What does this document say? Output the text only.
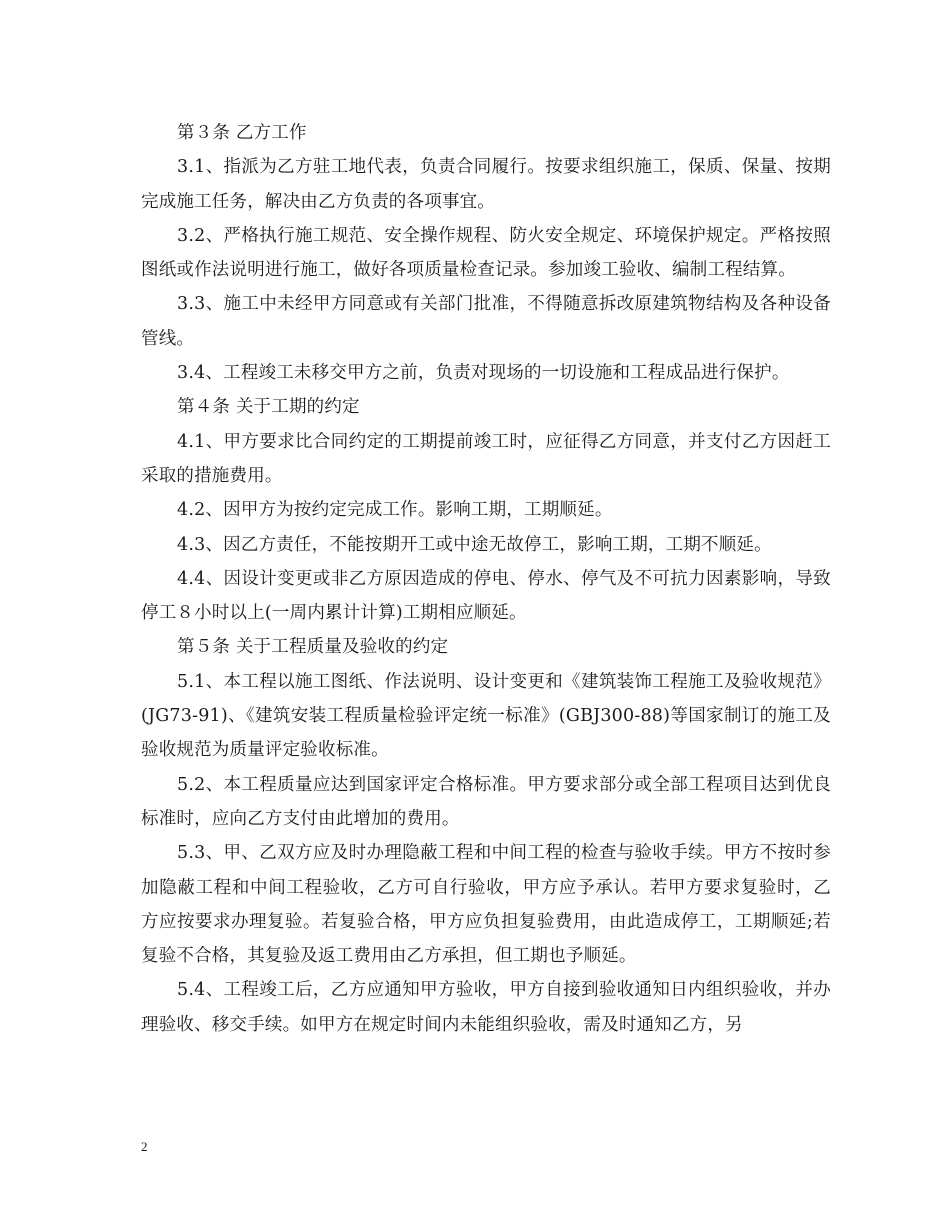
第３条 乙方工作

3.1、指派为乙方驻工地代表，负责合同履行。按要求组织施工，保质、保量、按期完成施工任务，解决由乙方负责的各项事宜。

3.2、严格执行施工规范、安全操作规程、防火安全规定、环境保护规定。严格按照图纸或作法说明进行施工，做好各项质量检查记录。参加竣工验收、编制工程结算。

3.3、施工中未经甲方同意或有关部门批准，不得随意拆改原建筑物结构及各种设备管线。

3.4、工程竣工未移交甲方之前，负责对现场的一切设施和工程成品进行保护。

第４条 关于工期的约定

4.1、甲方要求比合同约定的工期提前竣工时，应征得乙方同意，并支付乙方因赶工采取的措施费用。

4.2、因甲方为按约定完成工作。影响工期，工期顺延。

4.3、因乙方责任，不能按期开工或中途无故停工，影响工期，工期不顺延。

4.4、因设计变更或非乙方原因造成的停电、停水、停气及不可抗力因素影响，导致停工８小时以上(一周内累计计算)工期相应顺延。

第５条 关于工程质量及验收的约定

5.1、本工程以施工图纸、作法说明、设计变更和《建筑装饰工程施工及验收规范》(JG73-91)、《建筑安装工程质量检验评定统一标准》(GBJ300-88)等国家制订的施工及验收规范为质量评定验收标准。

5.2、本工程质量应达到国家评定合格标准。甲方要求部分或全部工程项目达到优良标准时，应向乙方支付由此增加的费用。

5.3、甲、乙双方应及时办理隐蔽工程和中间工程的检查与验收手续。甲方不按时参加隐蔽工程和中间工程验收，乙方可自行验收，甲方应予承认。若甲方要求复验时，乙方应按要求办理复验。若复验合格，甲方应负担复验费用，由此造成停工，工期顺延;若复验不合格，其复验及返工费用由乙方承担，但工期也予顺延。

5.4、工程竣工后，乙方应通知甲方验收，甲方自接到验收通知日内组织验收，并办理验收、移交手续。如甲方在规定时间内未能组织验收，需及时通知乙方，另

2
